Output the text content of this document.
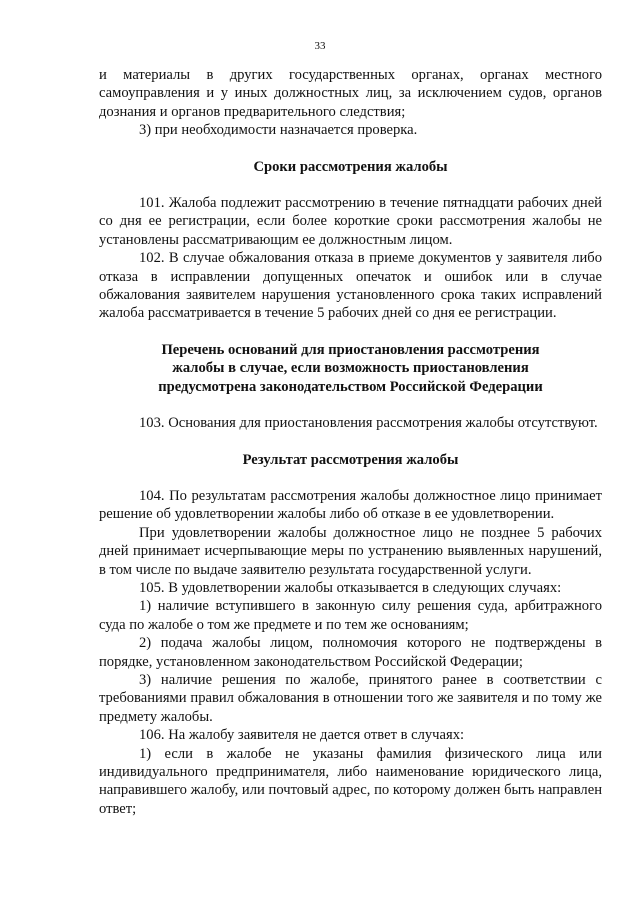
33

и материалы в других государственных органах, органах местного самоуправления и у иных должностных лиц, за исключением судов, органов дознания и органов предварительного следствия;

3) при необходимости назначается проверка.

Сроки рассмотрения жалобы

101. Жалоба подлежит рассмотрению в течение пятнадцати рабочих дней со дня ее регистрации, если более короткие сроки рассмотрения жалобы не установлены рассматривающим ее должностным лицом.

102. В случае обжалования отказа в приеме документов у заявителя либо отказа в исправлении допущенных опечаток и ошибок или в случае обжалования заявителем нарушения установленного срока таких исправлений жалоба рассматривается в течение 5 рабочих дней со дня ее регистрации.

Перечень оснований для приостановления рассмотрения
жалобы в случае, если возможность приостановления
предусмотрена законодательством Российской Федерации

103. Основания для приостановления рассмотрения жалобы отсутствуют.

Результат рассмотрения жалобы

104. По результатам рассмотрения жалобы должностное лицо принимает решение об удовлетворении жалобы либо об отказе в ее удовлетворении.

При удовлетворении жалобы должностное лицо не позднее 5 рабочих дней принимает исчерпывающие меры по устранению выявленных нарушений, в том числе по выдаче заявителю результата государственной услуги.

105. В удовлетворении жалобы отказывается в следующих случаях:

1) наличие вступившего в законную силу решения суда, арбитражного суда по жалобе о том же предмете и по тем же основаниям;

2) подача жалобы лицом, полномочия которого не подтверждены в порядке, установленном законодательством Российской Федерации;

3) наличие решения по жалобе, принятого ранее в соответствии с требованиями правил обжалования в отношении того же заявителя и по тому же предмету жалобы.

106. На жалобу заявителя не дается ответ в случаях:

1) если в жалобе не указаны фамилия физического лица или индивидуального предпринимателя, либо наименование юридического лица, направившего жалобу, или почтовый адрес, по которому должен быть направлен ответ;
